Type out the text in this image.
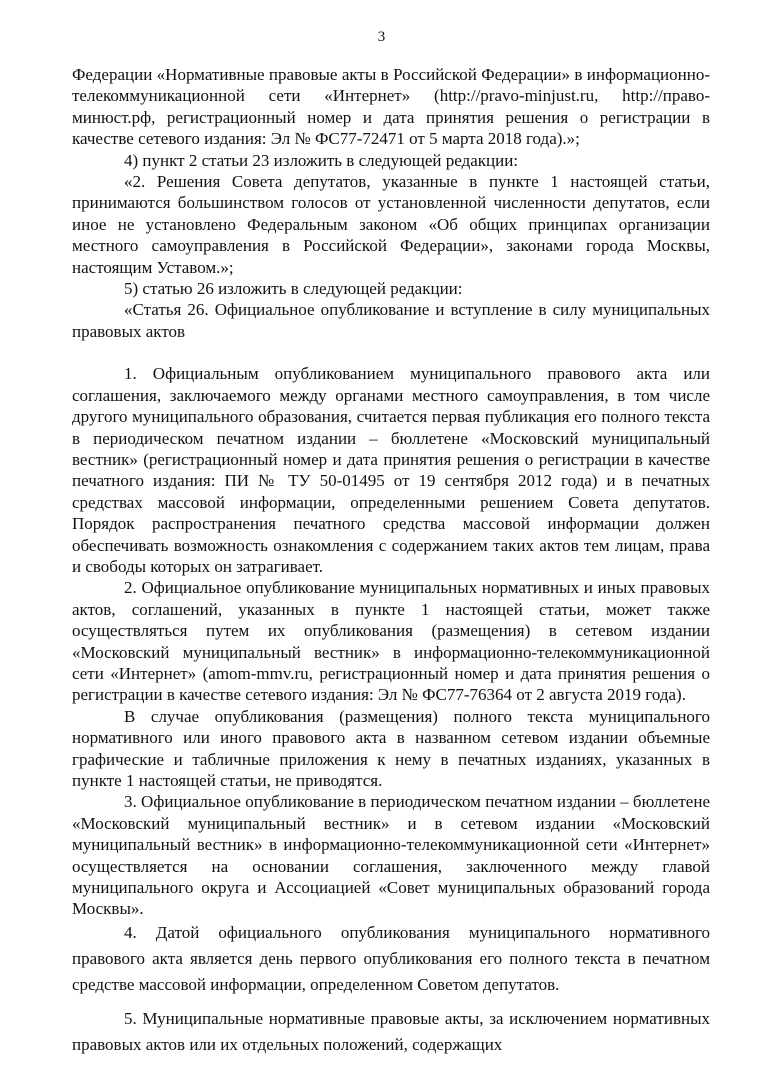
3

Федерации «Нормативные правовые акты в Российской Федерации» в информационно-телекоммуникационной сети «Интернет» (http://pravo-minjust.ru, http://право-минюст.рф, регистрационный номер и дата принятия решения о регистрации в качестве сетевого издания: Эл № ФС77-72471 от 5 марта 2018 года).»;

4) пункт 2 статьи 23 изложить в следующей редакции:

«2. Решения Совета депутатов, указанные в пункте 1 настоящей статьи, принимаются большинством голосов от установленной численности депутатов, если иное не установлено Федеральным законом «Об общих принципах организации местного самоуправления в Российской Федерации», законами города Москвы, настоящим Уставом.»;

5) статью 26 изложить в следующей редакции:

«Статья 26. Официальное опубликование и вступление в силу муниципальных правовых актов

1. Официальным опубликованием муниципального правового акта или соглашения, заключаемого между органами местного самоуправления, в том числе другого муниципального образования, считается первая публикация его полного текста в периодическом печатном издании – бюллетене «Московский муниципальный вестник» (регистрационный номер и дата принятия решения о регистрации в качестве печатного издания: ПИ № ТУ 50-01495 от 19 сентября 2012 года) и в печатных средствах массовой информации, определенными решением Совета депутатов. Порядок распространения печатного средства массовой информации должен обеспечивать возможность ознакомления с содержанием таких актов тем лицам, права и свободы которых он затрагивает.

2. Официальное опубликование муниципальных нормативных и иных правовых актов, соглашений, указанных в пункте 1 настоящей статьи, может также осуществляться путем их опубликования (размещения) в сетевом издании «Московский муниципальный вестник» в информационно-телекоммуникационной сети «Интернет» (amom-mmv.ru, регистрационный номер и дата принятия решения о регистрации в качестве сетевого издания: Эл № ФС77-76364 от 2 августа 2019 года).

В случае опубликования (размещения) полного текста муниципального нормативного или иного правового акта в названном сетевом издании объемные графические и табличные приложения к нему в печатных изданиях, указанных в пункте 1 настоящей статьи, не приводятся.

3. Официальное опубликование в периодическом печатном издании – бюллетене «Московский муниципальный вестник» и в сетевом издании «Московский муниципальный вестник» в информационно-телекоммуникационной сети «Интернет» осуществляется на основании соглашения, заключенного между главой муниципального округа и Ассоциацией «Совет муниципальных образований города Москвы».

4. Датой официального опубликования муниципального нормативного правового акта является день первого опубликования его полного текста в печатном средстве массовой информации, определенном Советом депутатов.

5. Муниципальные нормативные правовые акты, за исключением нормативных правовых актов или их отдельных положений, содержащих
